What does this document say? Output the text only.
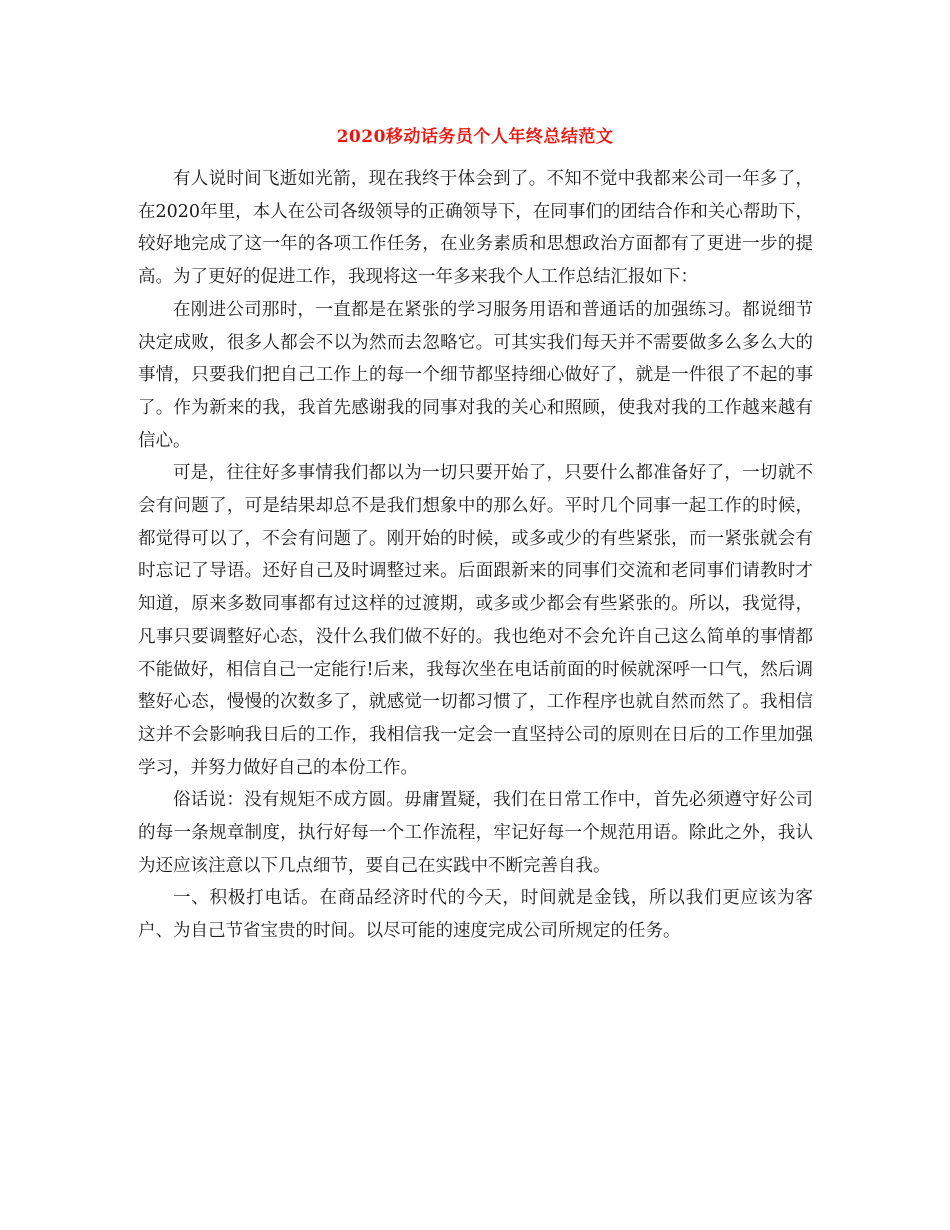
2020移动话务员个人年终总结范文

有人说时间飞逝如光箭，现在我终于体会到了。不知不觉中我都来公司一年多了，在2020年里，本人在公司各级领导的正确领导下，在同事们的团结合作和关心帮助下，较好地完成了这一年的各项工作任务，在业务素质和思想政治方面都有了更进一步的提高。为了更好的促进工作，我现将这一年多来我个人工作总结汇报如下：

在刚进公司那时，一直都是在紧张的学习服务用语和普通话的加强练习。都说细节决定成败，很多人都会不以为然而去忽略它。可其实我们每天并不需要做多么多么大的事情，只要我们把自己工作上的每一个细节都坚持细心做好了，就是一件很了不起的事了。作为新来的我，我首先感谢我的同事对我的关心和照顾，使我对我的工作越来越有信心。

可是，往往好多事情我们都以为一切只要开始了，只要什么都准备好了，一切就不会有问题了，可是结果却总不是我们想象中的那么好。平时几个同事一起工作的时候，都觉得可以了，不会有问题了。刚开始的时候，或多或少的有些紧张，而一紧张就会有时忘记了导语。还好自己及时调整过来。后面跟新来的同事们交流和老同事们请教时才知道，原来多数同事都有过这样的过渡期，或多或少都会有些紧张的。所以，我觉得，凡事只要调整好心态，没什么我们做不好的。我也绝对不会允许自己这么简单的事情都不能做好，相信自己一定能行!后来，我每次坐在电话前面的时候就深呼一口气，然后调整好心态，慢慢的次数多了，就感觉一切都习惯了，工作程序也就自然而然了。我相信这并不会影响我日后的工作，我相信我一定会一直坚持公司的原则在日后的工作里加强学习，并努力做好自己的本份工作。

俗话说：没有规矩不成方圆。毋庸置疑，我们在日常工作中，首先必须遵守好公司的每一条规章制度，执行好每一个工作流程，牢记好每一个规范用语。除此之外，我认为还应该注意以下几点细节，要自己在实践中不断完善自我。

一、积极打电话。在商品经济时代的今天，时间就是金钱，所以我们更应该为客户、为自己节省宝贵的时间。以尽可能的速度完成公司所规定的任务。
